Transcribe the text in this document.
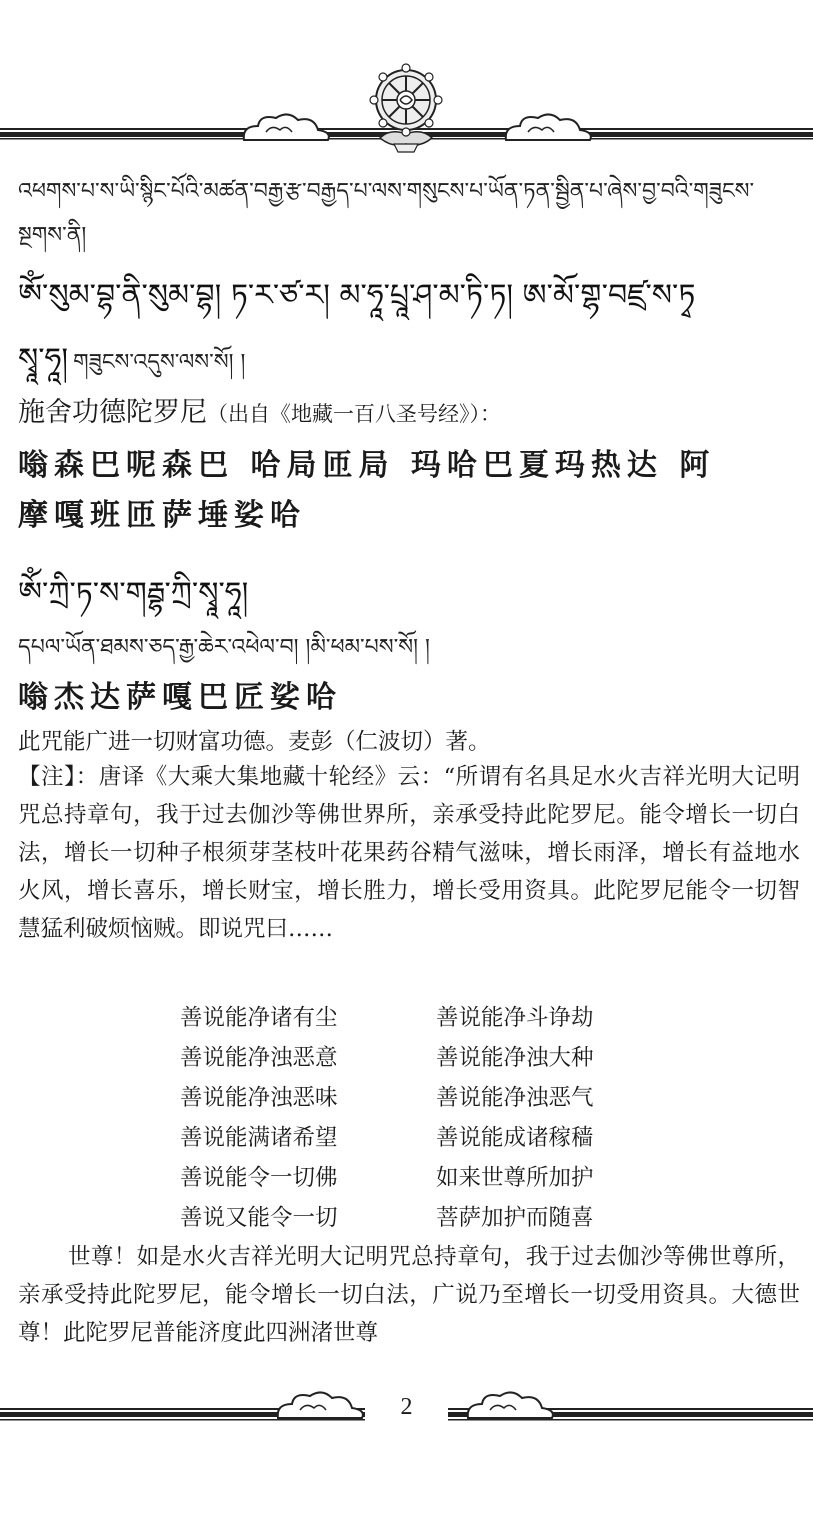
འཕགས་པ་ས་ཡི་སྙིང་པོའི་མཚན་བརྒྱ་རྩ་བརྒྱད་པ་ལས་གསུངས་པ་ཡོན་ཏན་སྦྱིན་པ་ཞེས་བྱ་བའི་གཟུངས་སྔགས་ནི།
ཨོཾ་སུམ་བྷ་ནི་སུམ་བྷ། ཏ་ར་ཙ་ར། མ་ཧཱ་པྲཱ་ཤ་མ་ཏི་ཏ། ཨ་མོ་གྷ་བཛྲ་ས་ཏྭ
སྭཱ་ཧཱ། གཟུངས་འདུས་ལས་སོ། །
施舍功德陀罗尼（出自《地藏一百八圣号经》）：
嗡森巴呢森巴 哈局匝局 玛哈巴夏玛热达 阿
摩嘎班匝萨埵娑哈
ཨོཾ་ཀྲི་ཏ་ས་གརྦྷ་ཀྲི་སྭཱ་ཧཱ།
དཔལ་ཡོན་ཐམས་ཅད་རྒྱ་ཆེར་འཕེལ་བ། །མི་ཕམ་པས་སོ། །
嗡杰达萨嘎巴匠娑哈
此咒能广进一切财富功德。麦彭（仁波切）著。
【注】：唐译《大乘大集地藏十轮经》云：“所谓有名具足水火吉祥光明大记明咒总持章句，我于过去伽沙等佛世界所，亲承受持此陀罗尼。能令增长一切白法，增长一切种子根须芽茎枝叶花果药谷精气滋味，增长雨泽，增长有益地水火风，增长喜乐，增长财宝，增长胜力，增长受用资具。此陀罗尼能令一切智慧猛利破烦恼贼。即说咒曰……
善说能净诸有尘	善说能净斗诤劫
善说能净浊恶意	善说能净浊大种
善说能净浊恶味	善说能净浊恶气
善说能满诸希望	善说能成诸稼穑
善说能令一切佛	如来世尊所加护
善说又能令一切	菩萨加护而随喜
世尊！如是水火吉祥光明大记明咒总持章句，我于过去伽沙等佛世尊所，亲承受持此陀罗尼，能令增长一切白法，广说乃至增长一切受用资具。大德世尊！此陀罗尼普能济度此四洲渚世尊
2
